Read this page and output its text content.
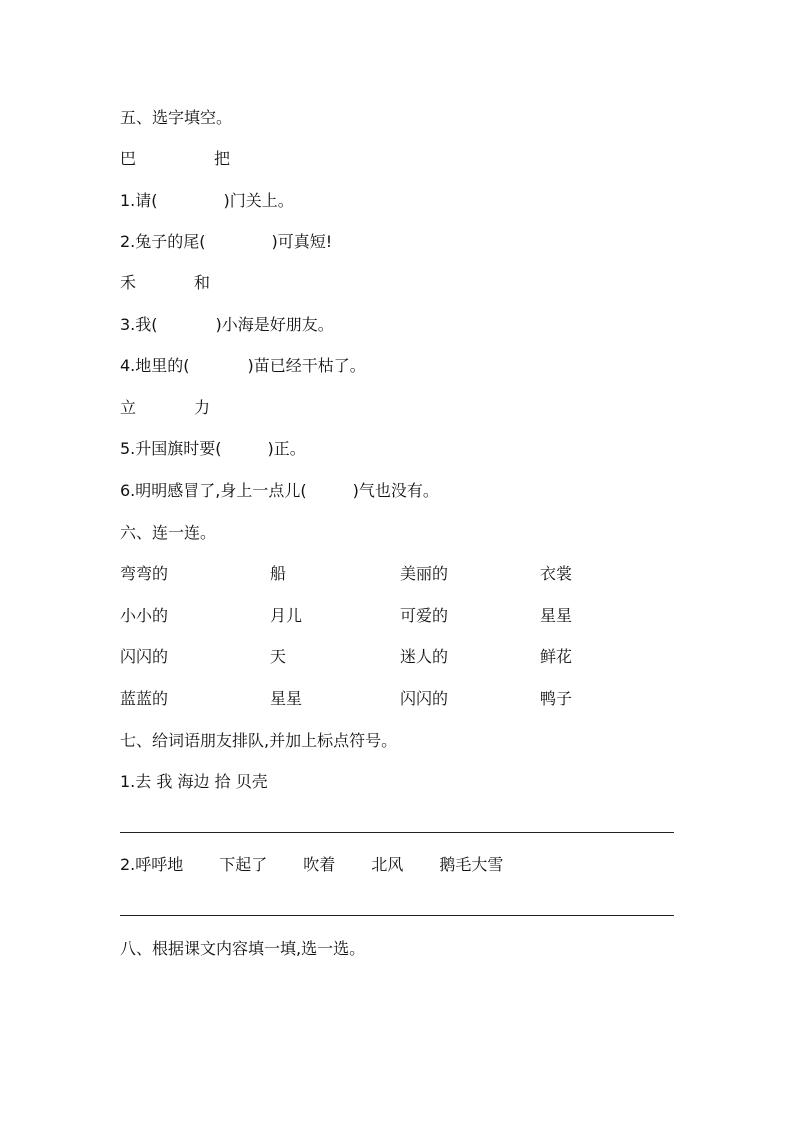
五、选字填空。
巴	把
1.请(	)门关上。
2.兔子的尾(	)可真短!
禾	和
3.我(	)小海是好朋友。
4.地里的(	)苗已经干枯了。
立	力
5.升国旗时要(	)正。
6.明明感冒了,身上一点儿(	)气也没有。
六、连一连。
弯弯的	船	美丽的	衣裳
小小的	月儿	可爱的	星星
闪闪的	天	迷人的	鲜花
蓝蓝的	星星	闪闪的	鸭子
七、给词语朋友排队,并加上标点符号。
1.去 我 海边 拾 贝壳
2.呼呼地 下起了 吹着 北风 鹅毛大雪
八、根据课文内容填一填,选一选。
